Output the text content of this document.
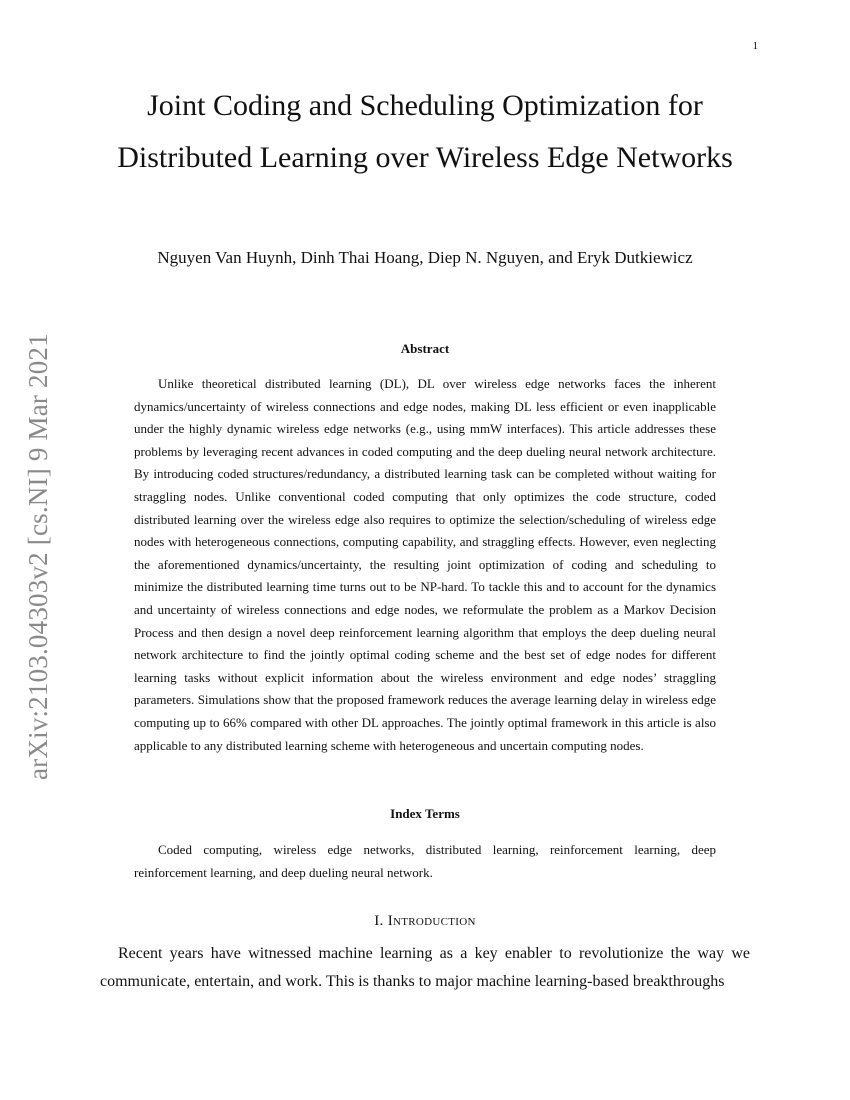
1
arXiv:2103.04303v2 [cs.NI] 9 Mar 2021
Joint Coding and Scheduling Optimization for Distributed Learning over Wireless Edge Networks

Nguyen Van Huynh, Dinh Thai Hoang, Diep N. Nguyen, and Eryk Dutkiewicz

Abstract

Unlike theoretical distributed learning (DL), DL over wireless edge networks faces the inherent dynamics/uncertainty of wireless connections and edge nodes, making DL less efficient or even inapplicable under the highly dynamic wireless edge networks (e.g., using mmW interfaces). This article addresses these problems by leveraging recent advances in coded computing and the deep dueling neural network architecture. By introducing coded structures/redundancy, a distributed learning task can be completed without waiting for straggling nodes. Unlike conventional coded computing that only optimizes the code structure, coded distributed learning over the wireless edge also requires to optimize the selection/scheduling of wireless edge nodes with heterogeneous connections, computing capability, and straggling effects. However, even neglecting the aforementioned dynamics/uncertainty, the resulting joint optimization of coding and scheduling to minimize the distributed learning time turns out to be NP-hard. To tackle this and to account for the dynamics and uncertainty of wireless connections and edge nodes, we reformulate the problem as a Markov Decision Process and then design a novel deep reinforcement learning algorithm that employs the deep dueling neural network architecture to find the jointly optimal coding scheme and the best set of edge nodes for different learning tasks without explicit information about the wireless environment and edge nodes’ straggling parameters. Simulations show that the proposed framework reduces the average learning delay in wireless edge computing up to 66% compared with other DL approaches. The jointly optimal framework in this article is also applicable to any distributed learning scheme with heterogeneous and uncertain computing nodes.

Index Terms

Coded computing, wireless edge networks, distributed learning, reinforcement learning, deep reinforcement learning, and deep dueling neural network.

I. Introduction

Recent years have witnessed machine learning as a key enabler to revolutionize the way we communicate, entertain, and work. This is thanks to major machine learning-based breakthroughs
